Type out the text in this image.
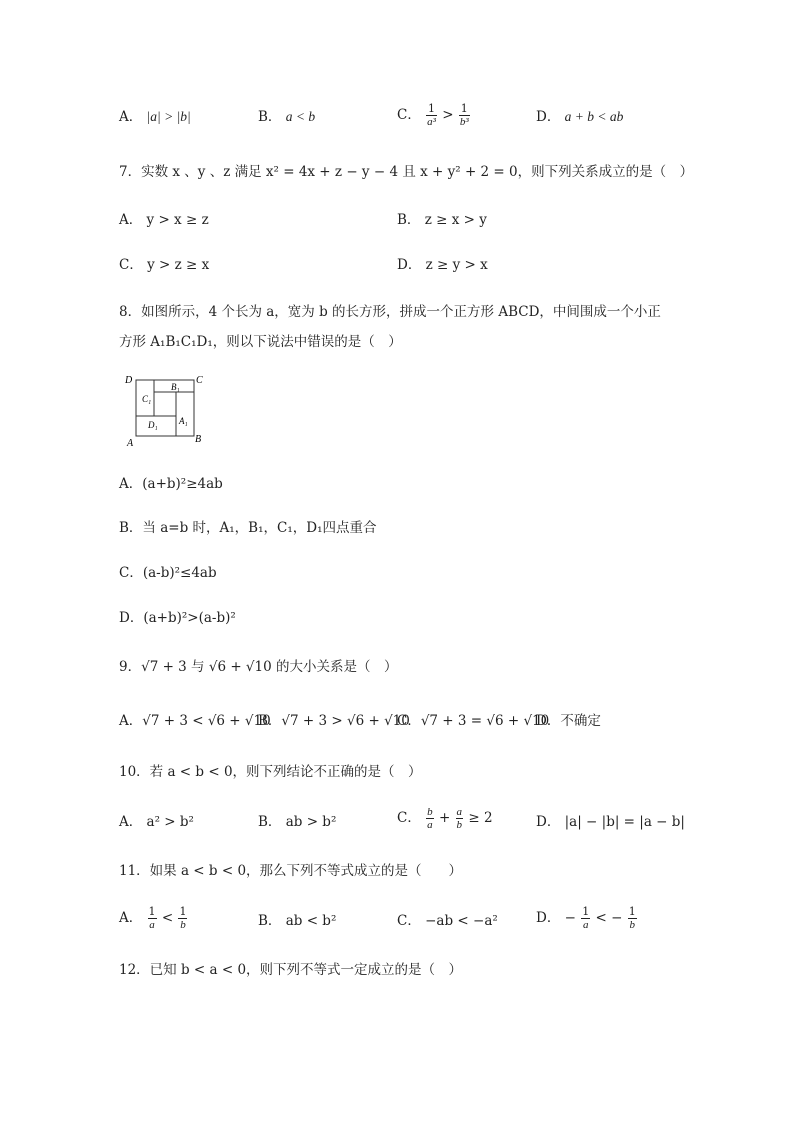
A． |a| > |b|	B． a < b	C． $\frac{1}{\text{a³}} > \frac{1}{\text{b³}}$	D． a + b < ab
7．实数 x 、y 、z 满足 x² = 4x + z − y − 4 且 x + y² + 2 = 0，则下列关系成立的是（　）
A． y > x ≥ z	B． z ≥ x > y
C． y > z ≥ x	D． z ≥ y > x
8．如图所示，4 个长为 a，宽为 b 的长方形，拼成一个正方形 ABCD，中间围成一个小正
方形 A₁B₁C₁D₁，则以下说法中错误的是（　）
D	C
A	B
C₁
B₁
D₁ A₁
A．(a+b)²≥4ab
B．当 a=b 时，A₁，B₁，C₁，D₁四点重合
C．(a-b)²≤4ab
D．(a+b)²>(a-b)²
9．√7 + 3 与 √6 + √10 的大小关系是（　）
A．√7 + 3 < √6 + √10
B．√7 + 3 > √6 + √10
C．√7 + 3 = √6 + √10
D．不确定
10．若 a < b < 0，则下列结论不正确的是（　）
A． a² > b²	B． ab > b²	C． $\frac{b}{a} + \frac{a}{b} \ge 2$	D． |a| − |b| = |a − b|
11．如果 a < b < 0，那么下列不等式成立的是（　　）
A． $\frac{1}{a} < \frac{1}{b}$	B． ab < b²	C． −ab < −a²	D． − $\frac{1}{a}$ < − $\frac{1}{b}$
12．已知 b < a < 0，则下列不等式一定成立的是（　）
